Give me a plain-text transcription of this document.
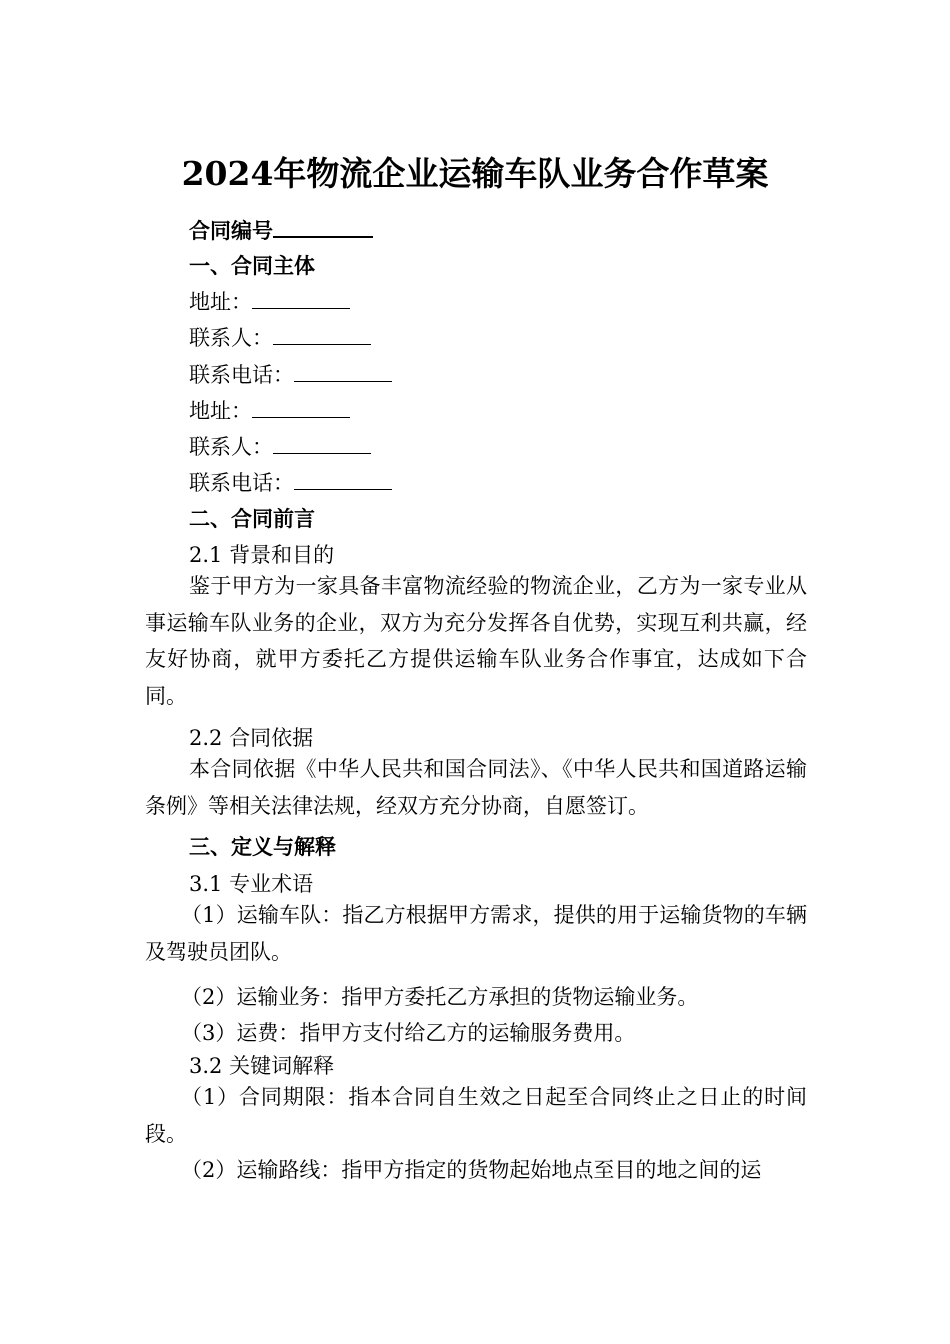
2024年物流企业运输车队业务合作草案
合同编号
一、合同主体
地址：
联系人：
联系电话：
地址：
联系人：
联系电话：
二、合同前言
2.1 背景和目的
鉴于甲方为一家具备丰富物流经验的物流企业，乙方为一家专业从事运输车队业务的企业，双方为充分发挥各自优势，实现互利共赢，经友好协商，就甲方委托乙方提供运输车队业务合作事宜，达成如下合同。
2.2 合同依据
本合同依据《中华人民共和国合同法》、《中华人民共和国道路运输条例》等相关法律法规，经双方充分协商，自愿签订。
三、定义与解释
3.1 专业术语
（1）运输车队：指乙方根据甲方需求，提供的用于运输货物的车辆及驾驶员团队。
（2）运输业务：指甲方委托乙方承担的货物运输业务。
（3）运费：指甲方支付给乙方的运输服务费用。
3.2 关键词解释
（1）合同期限：指本合同自生效之日起至合同终止之日止的时间段。
（2）运输路线：指甲方指定的货物起始地点至目的地之间的运
